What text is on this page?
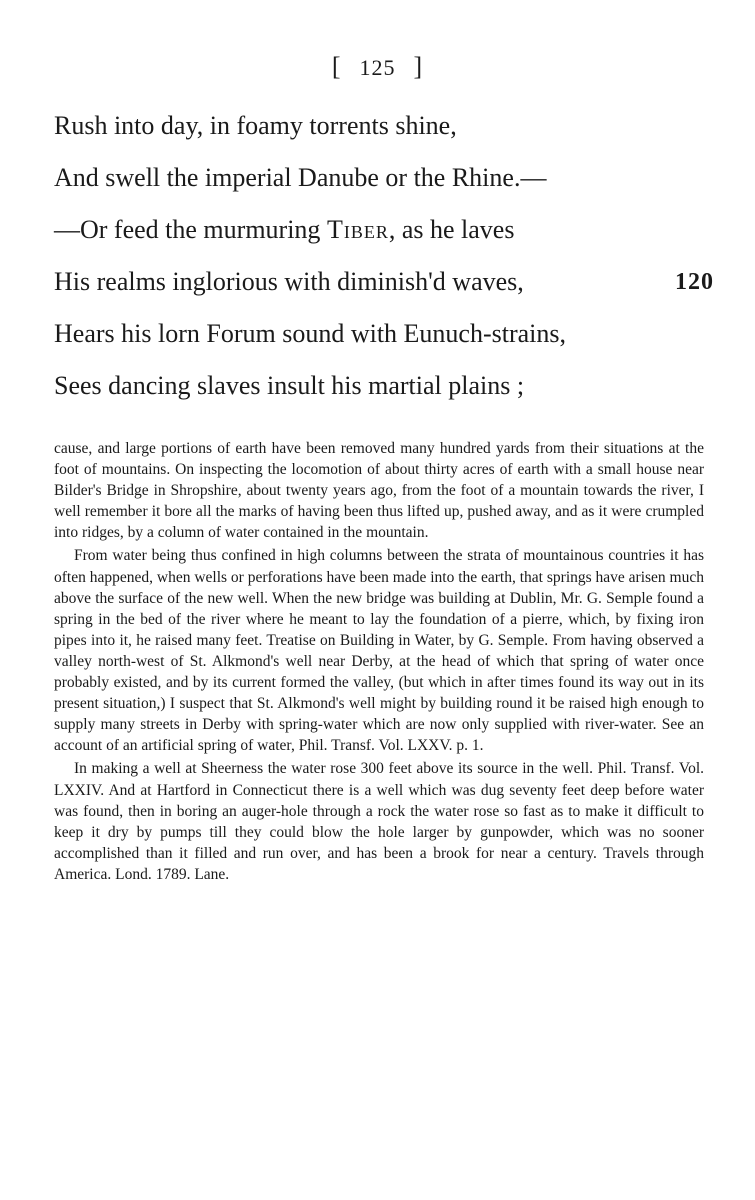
[ 125 ]
Rush into day, in foamy torrents shine,
And swell the imperial Danube or the Rhine.—
—Or feed the murmuring Tiber, as he laves
His realms inglorious with diminish'd waves,	120
Hears his lorn Forum sound with Eunuch-strains,
Sees dancing slaves insult his martial plains ;

cause, and large portions of earth have been removed many hundred yards from their situations at the foot of mountains. On inspecting the locomotion of about thirty acres of earth with a small house near Bilder's Bridge in Shropshire, about twenty years ago, from the foot of a mountain towards the river, I well remember it bore all the marks of having been thus lifted up, pushed away, and as it were crumpled into ridges, by a column of water contained in the mountain.

From water being thus confined in high columns between the strata of mountainous countries it has often happened, when wells or perforations have been made into the earth, that springs have arisen much above the surface of the new well. When the new bridge was building at Dublin, Mr. G. Semple found a spring in the bed of the river where he meant to lay the foundation of a pierre, which, by fixing iron pipes into it, he raised many feet. Treatise on Building in Water, by G. Semple. From having observed a valley north-west of St. Alkmond's well near Derby, at the head of which that spring of water once probably existed, and by its current formed the valley, (but which in after times found its way out in its present situation,) I suspect that St. Alkmond's well might by building round it be raised high enough to supply many streets in Derby with spring-water which are now only supplied with river-water. See an account of an artificial spring of water, Phil. Transf. Vol. LXXV. p. 1.

In making a well at Sheerness the water rose 300 feet above its source in the well. Phil. Transf. Vol. LXXIV. And at Hartford in Connecticut there is a well which was dug seventy feet deep before water was found, then in boring an auger-hole through a rock the water rose so fast as to make it difficult to keep it dry by pumps till they could blow the hole larger by gunpowder, which was no sooner accomplished than it filled and run over, and has been a brook for near a century. Travels through America. Lond. 1789. Lane.
